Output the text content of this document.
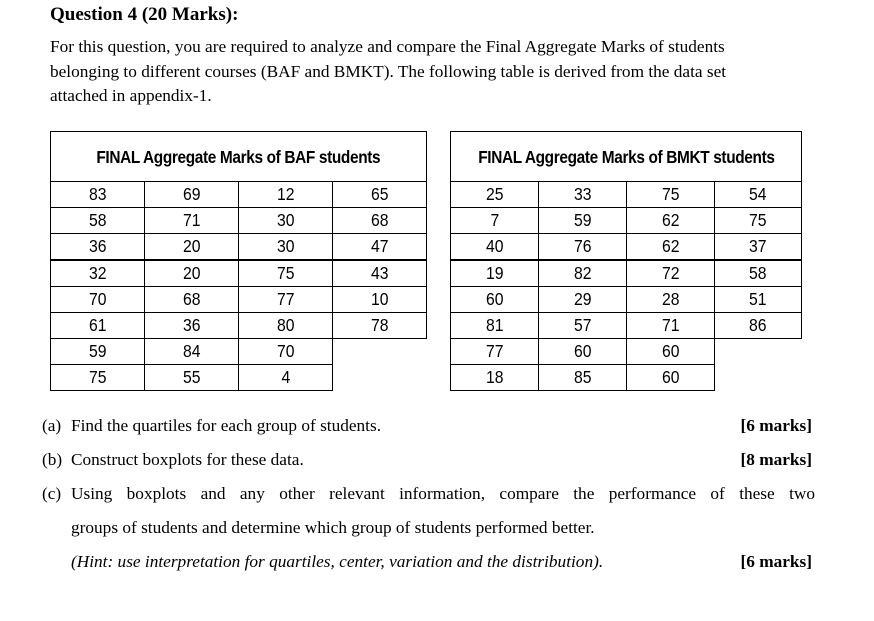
Question 4 (20 Marks):
For this question, you are required to analyze and compare the Final Aggregate Marks of students
belonging to different courses (BAF and BMKT). The following table is derived from the data set
attached in appendix-1.
FINAL Aggregate Marks of BAF students
83	69	12	65
58	71	30	68
36	20	30	47
32	20	75	43
70	68	77	10
61	36	80	78
59	84	70
75	55	4
FINAL Aggregate Marks of BMKT students
25	33	75	54
7	59	62	75
40	76	62	37
19	82	72	58
60	29	28	51
81	57	71	86
77	60	60
18	85	60
(a) Find the quartiles for each group of students.	[6 marks]
(b) Construct boxplots for these data.	[8 marks]
(c) Using boxplots and any other relevant information, compare the performance of these two
groups of students and determine which group of students performed better.
(Hint: use interpretation for quartiles, center, variation and the distribution).	[6 marks]
